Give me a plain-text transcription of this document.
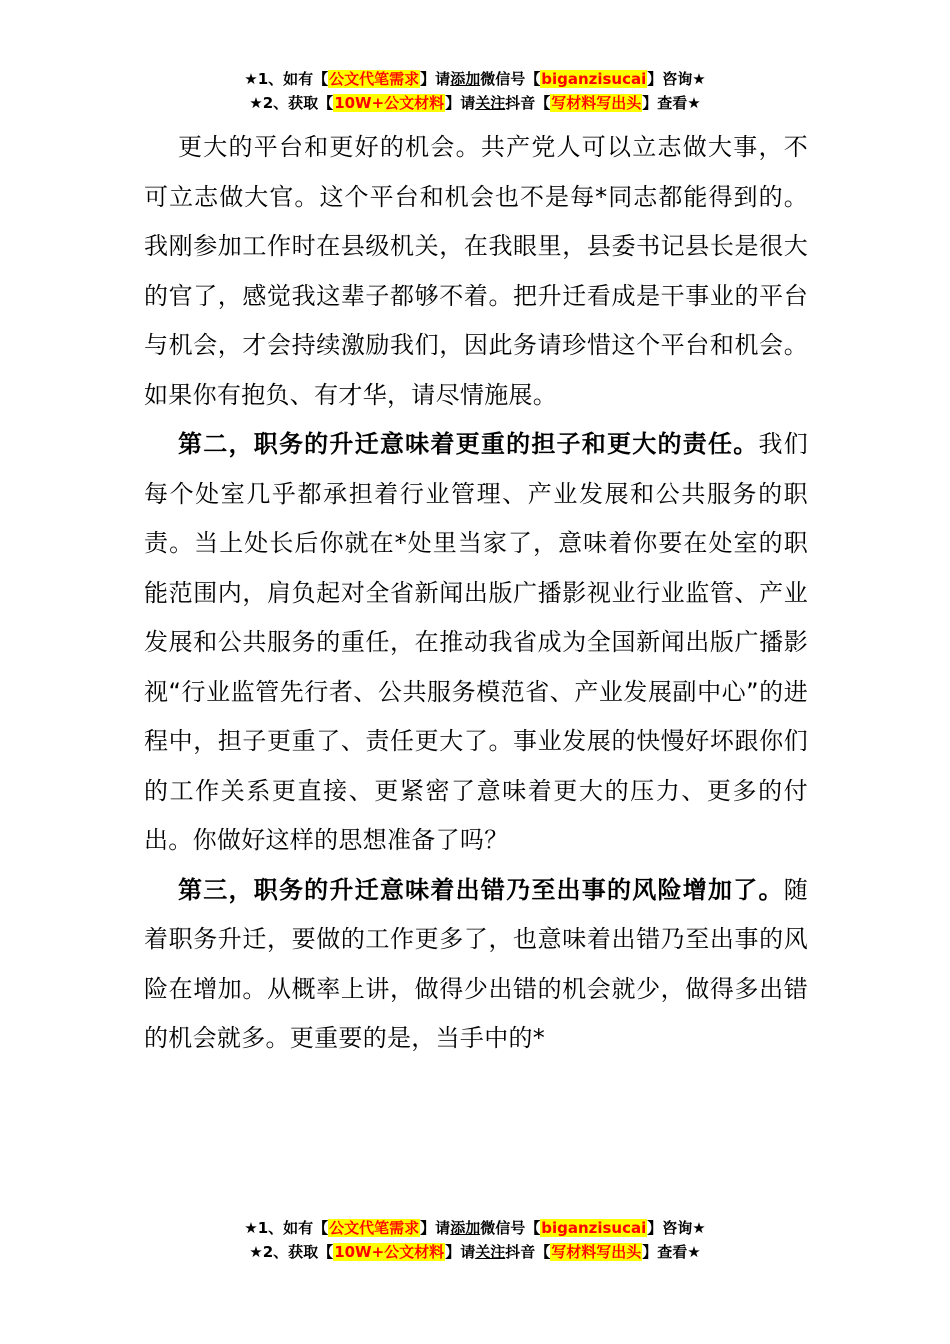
★1、如有【公文代笔需求】请添加微信号【biganzisucai】咨询★
★2、获取【10W+公文材料】请关注抖音【写材料写出头】查看★

更大的平台和更好的机会。共产党人可以立志做大事，不可立志做大官。这个平台和机会也不是每*同志都能得到的。我刚参加工作时在县级机关，在我眼里，县委书记县长是很大的官了，感觉我这辈子都够不着。把升迁看成是干事业的平台与机会，才会持续激励我们，因此务请珍惜这个平台和机会。如果你有抱负、有才华，请尽情施展。

第二，职务的升迁意味着更重的担子和更大的责任。我们每个处室几乎都承担着行业管理、产业发展和公共服务的职责。当上处长后你就在*处里当家了，意味着你要在处室的职能范围内，肩负起对全省新闻出版广播影视业行业监管、产业发展和公共服务的重任，在推动我省成为全国新闻出版广播影视“行业监管先行者、公共服务模范省、产业发展副中心”的进程中，担子更重了、责任更大了。事业发展的快慢好坏跟你们的工作关系更直接、更紧密了意味着更大的压力、更多的付出。你做好这样的思想准备了吗？

第三，职务的升迁意味着出错乃至出事的风险增加了。随着职务升迁，要做的工作更多了，也意味着出错乃至出事的风险在增加。从概率上讲，做得少出错的机会就少，做得多出错的机会就多。更重要的是，当手中的*

★1、如有【公文代笔需求】请添加微信号【biganzisucai】咨询★
★2、获取【10W+公文材料】请关注抖音【写材料写出头】查看★
